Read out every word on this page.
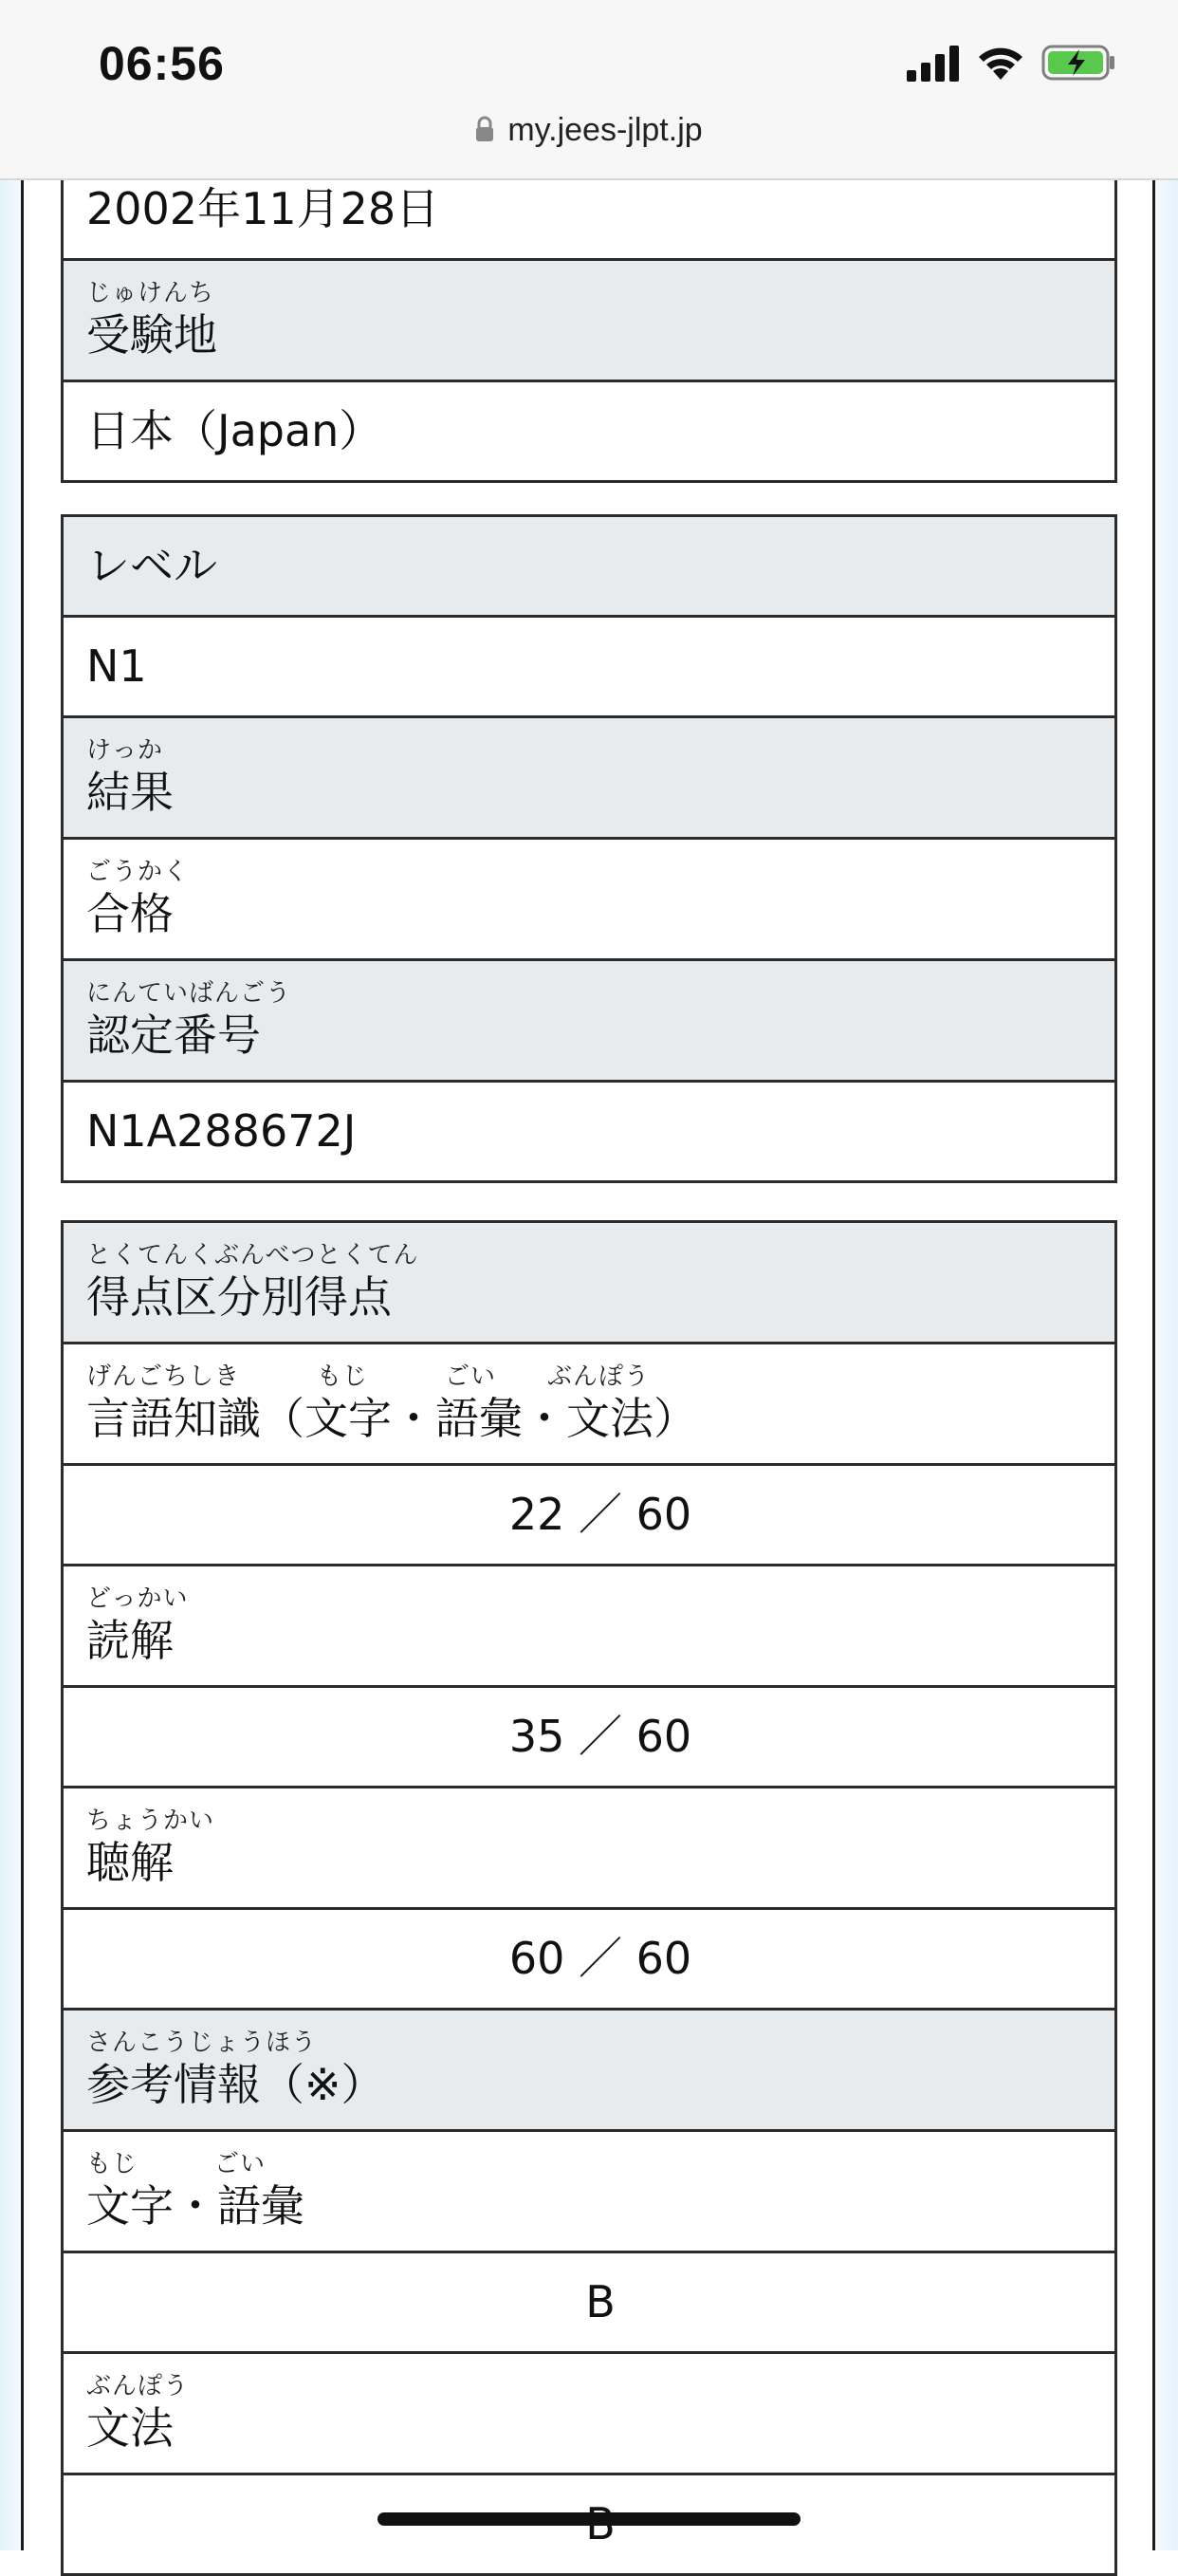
06:56
my.jees-jlpt.jp
2002年11月28日

じゅけんち
受験地

日本（Japan）
レベル

N1

けっか
結果

ごうかく
合格

にんていばんごう
認定番号

N1A288672J
とくてんくぶんべつとくてん
得点区分別得点

げんごちしき　　　もじ　　　ごい　　ぶんぽう
言語知識（文字・語彙・文法）

22 ／ 60

どっかい
読解

35 ／ 60

ちょうかい
聴解

60 ／ 60

さんこうじょうほう
参考情報（※）

もじ　　　ごい
文字・語彙

B

ぶんぽう
文法
